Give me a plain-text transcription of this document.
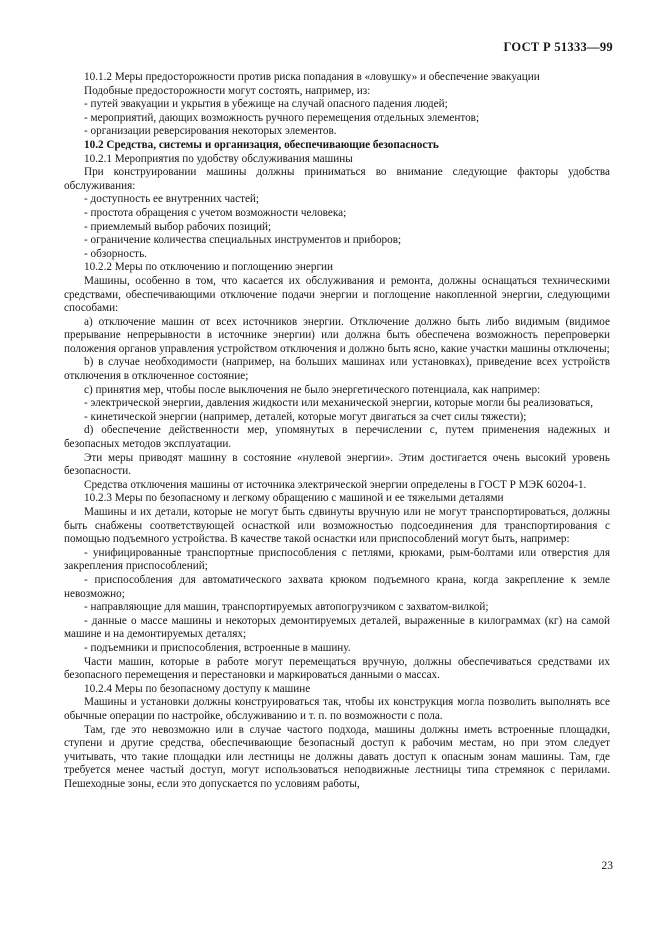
ГОСТ Р 51333—99

10.1.2 Меры предосторожности против риска попадания в «ловушку» и обеспечение эвакуации

Подобные предосторожности могут состоять, например, из:

- путей эвакуации и укрытия в убежище на случай опасного падения людей;

- мероприятий, дающих возможность ручного перемещения отдельных элементов;

- организации реверсирования некоторых элементов.

10.2 Средства, системы и организация, обеспечивающие безопасность

10.2.1 Мероприятия по удобству обслуживания машины

При конструировании машины должны приниматься во внимание следующие факторы удобства обслуживания:

- доступность ее внутренних частей;

- простота обращения с учетом возможности человека;

- приемлемый выбор рабочих позиций;

- ограничение количества специальных инструментов и приборов;

- обзорность.

10.2.2 Меры по отключению и поглощению энергии

Машины, особенно в том, что касается их обслуживания и ремонта, должны оснащаться техническими средствами, обеспечивающими отключение подачи энергии и поглощение накопленной энергии, следующими способами:

a) отключение машин от всех источников энергии. Отключение должно быть либо видимым (видимое прерывание непрерывности в источнике энергии) или должна быть обеспечена возможность перепроверки положения органов управления устройством отключения и должно быть ясно, какие участки машины отключены;

b) в случае необходимости (например, на больших машинах или установках), приведение всех устройств отключения в отключенное состояние;

c) принятия мер, чтобы после выключения не было энергетического потенциала, как например:

- электрической энергии, давления жидкости или механической энергии, которые могли бы реализоваться,

- кинетической энергии (например, деталей, которые могут двигаться за счет силы тяжести);

d) обеспечение действенности мер, упомянутых в перечислении с, путем применения надежных и безопасных методов эксплуатации.

Эти меры приводят машину в состояние «нулевой энергии». Этим достигается очень высокий уровень безопасности.

Средства отключения машины от источника электрической энергии определены в ГОСТ Р МЭК 60204-1.

10.2.3 Меры по безопасному и легкому обращению с машиной и ее тяжелыми деталями

Машины и их детали, которые не могут быть сдвинуты вручную или не могут транспортироваться, должны быть снабжены соответствующей оснасткой или возможностью подсоединения для транспортирования с помощью подъемного устройства. В качестве такой оснастки или приспособлений могут быть, например:

- унифицированные транспортные приспособления с петлями, крюками, рым-болтами или отверстия для закрепления приспособлений;

- приспособления для автоматического захвата крюком подъемного крана, когда закрепление к земле невозможно;

- направляющие для машин, транспортируемых автопогрузчиком с захватом-вилкой;

- данные о массе машины и некоторых демонтируемых деталей, выраженные в килограммах (кг) на самой машине и на демонтируемых деталях;

- подъемники и приспособления, встроенные в машину.

Части машин, которые в работе могут перемещаться вручную, должны обеспечиваться средствами их безопасного перемещения и перестановки и маркироваться данными о массах.

10.2.4 Меры по безопасному доступу к машине

Машины и установки должны конструироваться так, чтобы их конструкция могла позволить выполнять все обычные операции по настройке, обслуживанию и т. п. по возможности с пола.

Там, где это невозможно или в случае частого подхода, машины должны иметь встроенные площадки, ступени и другие средства, обеспечивающие безопасный доступ к рабочим местам, но при этом следует учитывать, что такие площадки или лестницы не должны давать доступ к опасным зонам машины. Там, где требуется менее частый доступ, могут использоваться неподвижные лестницы типа стремянок с перилами. Пешеходные зоны, если это допускается по условиям работы,

23
